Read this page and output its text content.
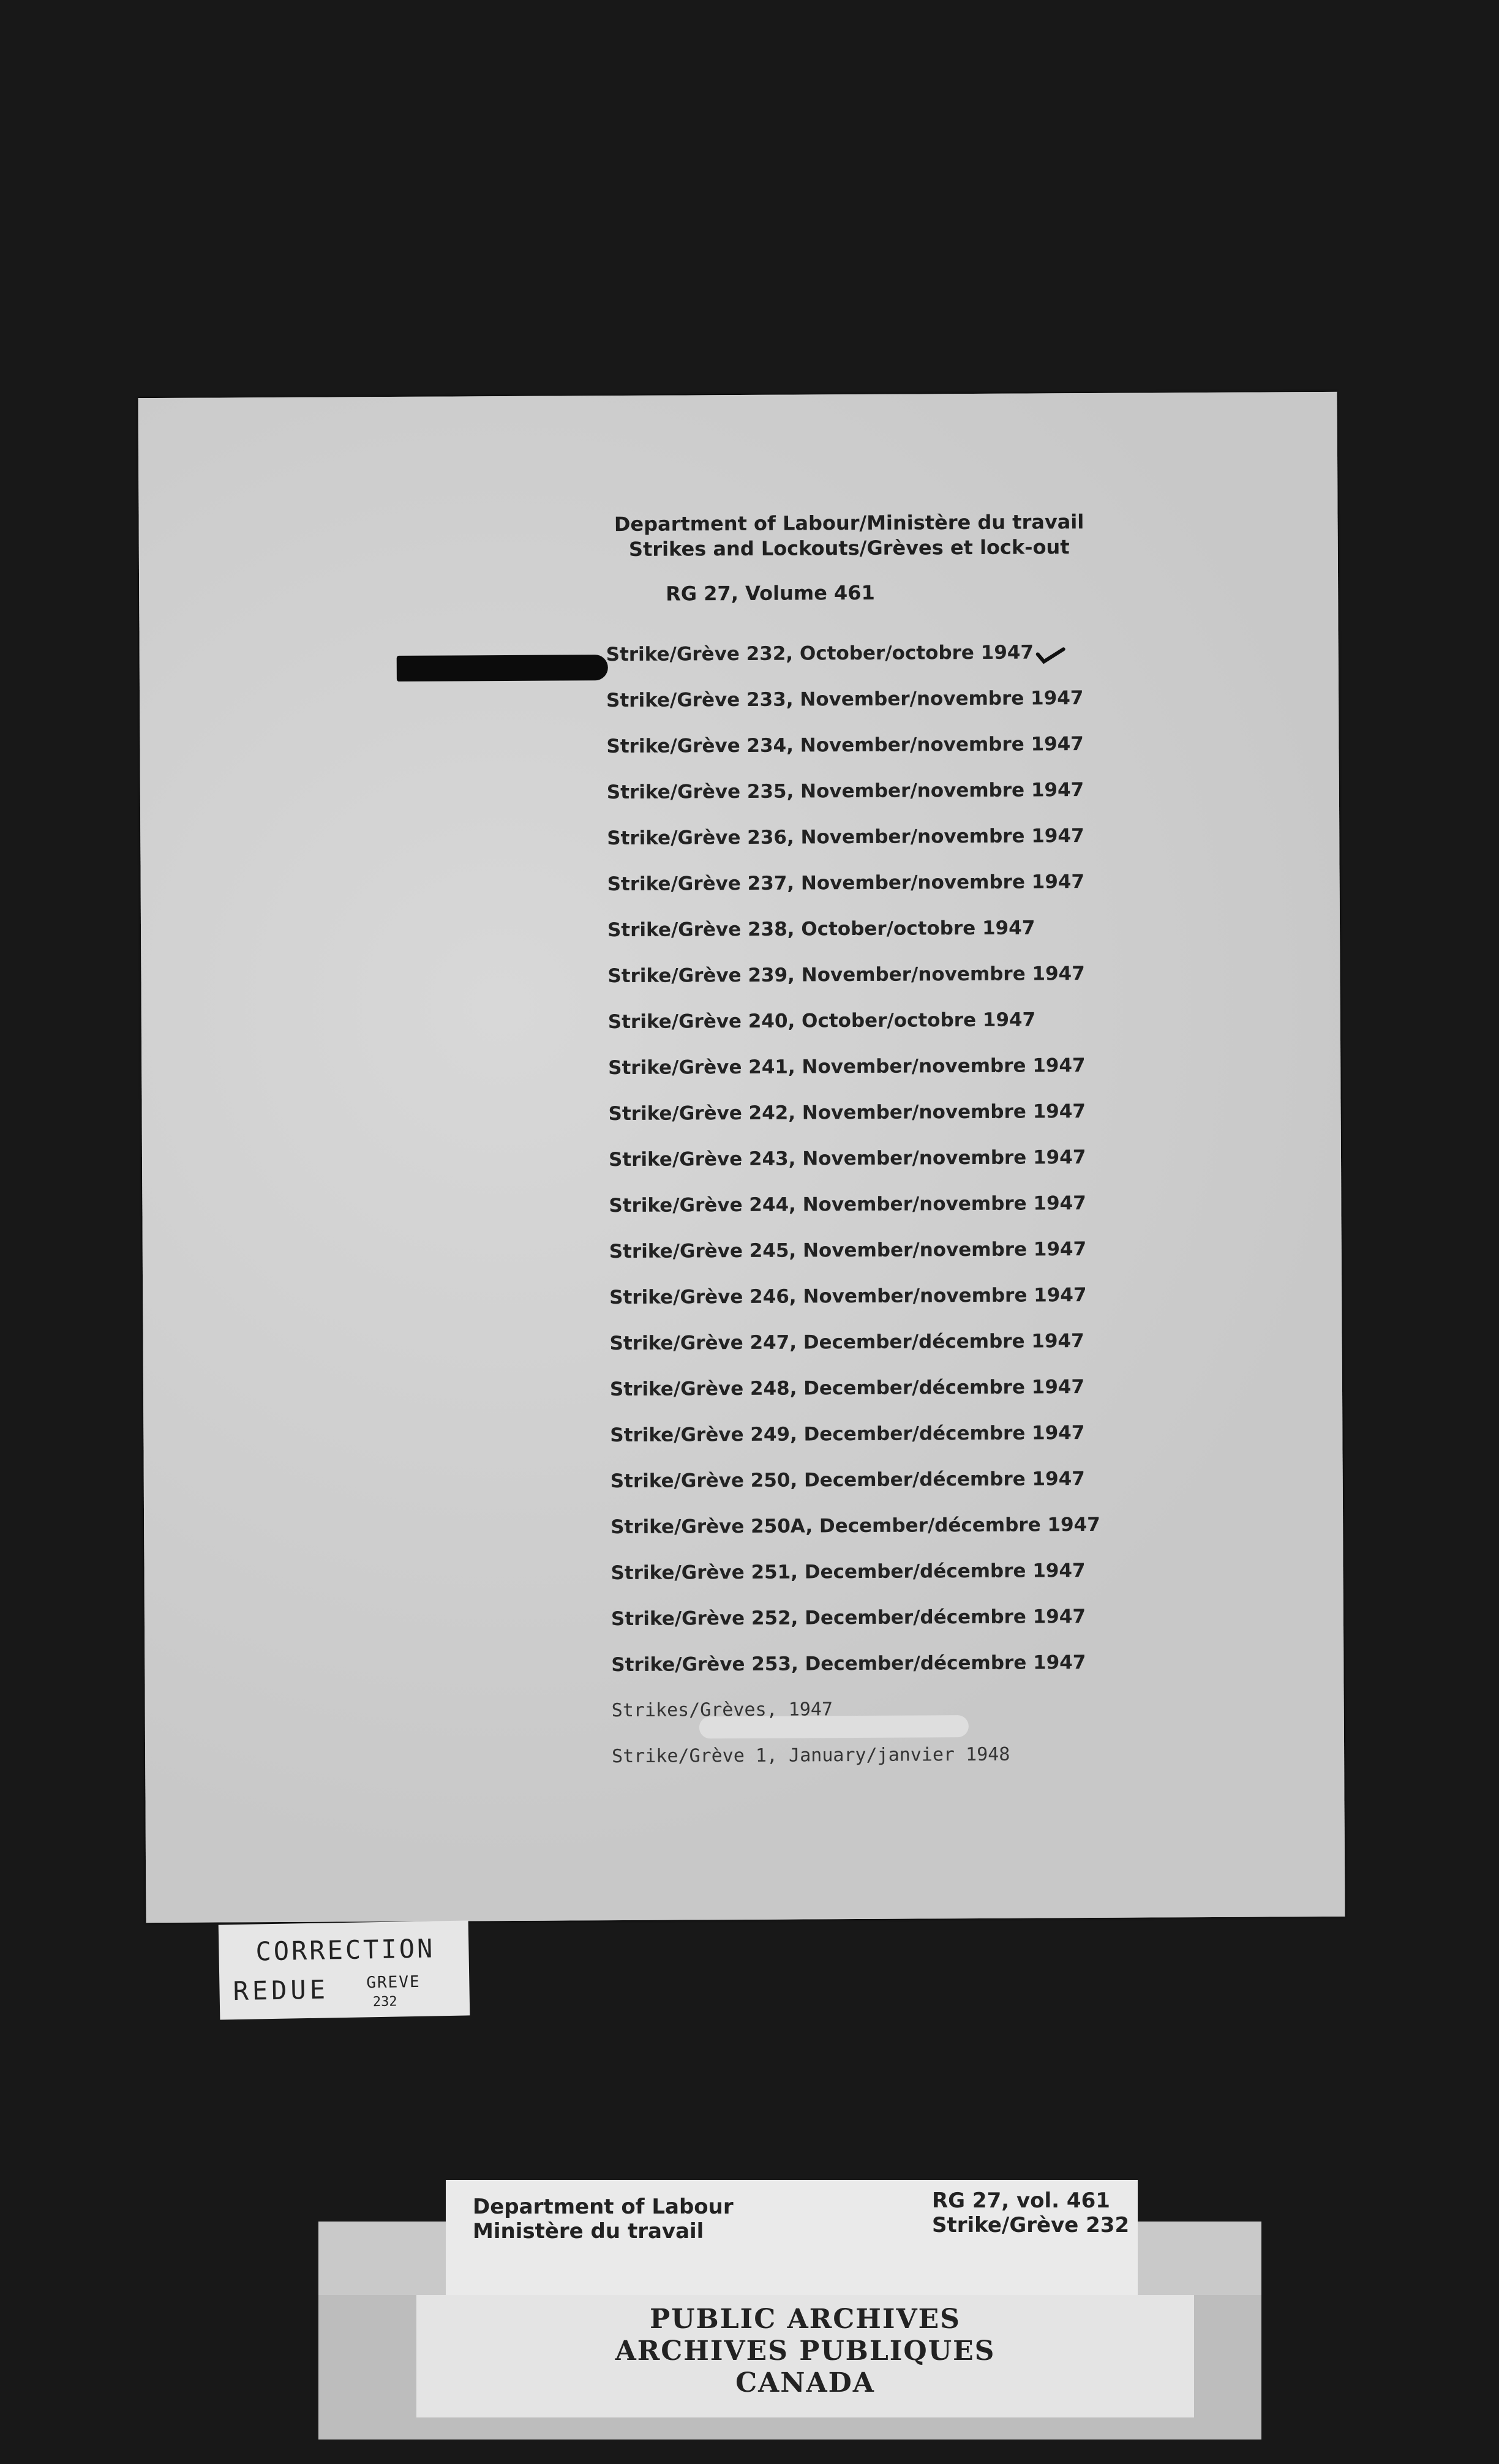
Department of Labour/Ministère du travail
Strikes and Lockouts/Grèves et lock-out
RG 27, Volume 461
Strike/Grève 232, October/octobre 1947
Strike/Grève 233, November/novembre 1947
Strike/Grève 234, November/novembre 1947
Strike/Grève 235, November/novembre 1947
Strike/Grève 236, November/novembre 1947
Strike/Grève 237, November/novembre 1947
Strike/Grève 238, October/octobre 1947
Strike/Grève 239, November/novembre 1947
Strike/Grève 240, October/octobre 1947
Strike/Grève 241, November/novembre 1947
Strike/Grève 242, November/novembre 1947
Strike/Grève 243, November/novembre 1947
Strike/Grève 244, November/novembre 1947
Strike/Grève 245, November/novembre 1947
Strike/Grève 246, November/novembre 1947
Strike/Grève 247, December/décembre 1947
Strike/Grève 248, December/décembre 1947
Strike/Grève 249, December/décembre 1947
Strike/Grève 250, December/décembre 1947
Strike/Grève 250A, December/décembre 1947
Strike/Grève 251, December/décembre 1947
Strike/Grève 252, December/décembre 1947
Strike/Grève 253, December/décembre 1947
Strikes/Grèves, 1947
Strike/Grève 1, January/janvier 1948
CORRECTION
REDUE GREVE
232
Department of Labour
Ministère du travail
RG 27, vol. 461
Strike/Grève 232
PUBLIC ARCHIVES
ARCHIVES PUBLIQUES
CANADA
